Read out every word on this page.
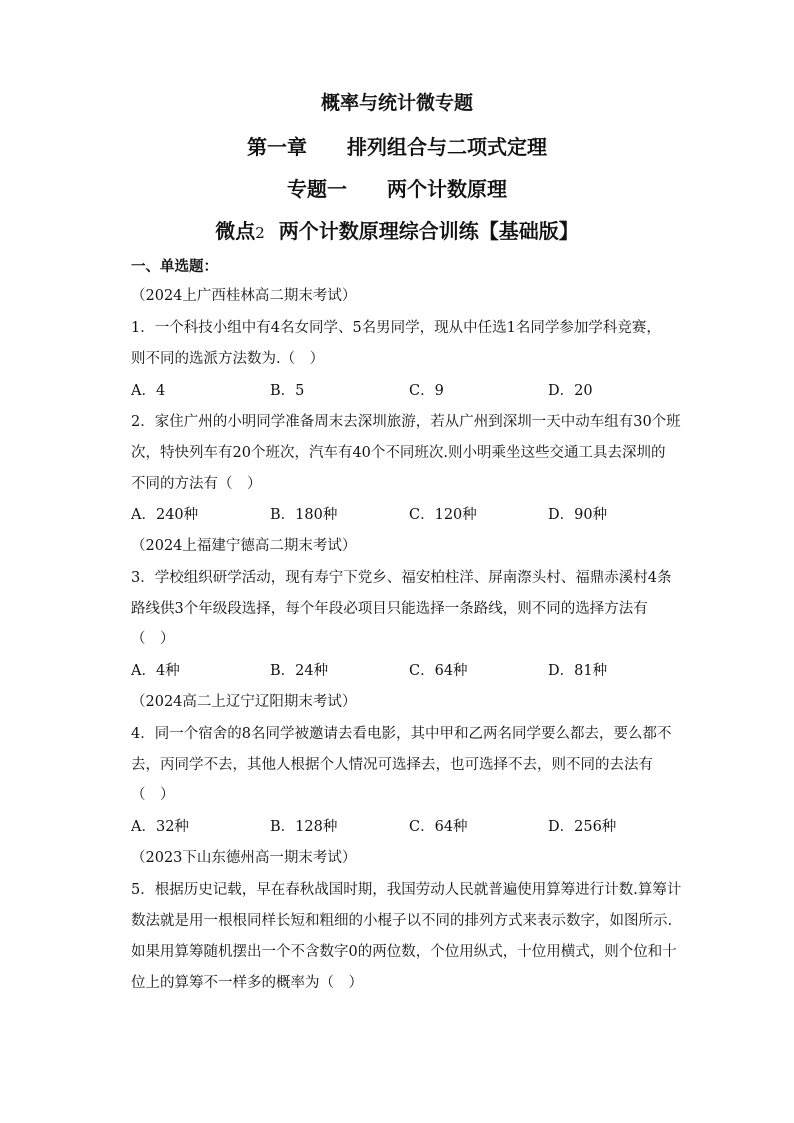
概率与统计微专题
第一章　　排列组合与二项式定理
专题一　　两个计数原理
微点2 两个计数原理综合训练【基础版】
一、单选题：
（2024上广西桂林高二期末考试）
1．一个科技小组中有4名女同学、5名男同学，现从中任选1名同学参加学科竞赛，
则不同的选派方法数为.（　）
A．4	B．5	C．9	D．20
2．家住广州的小明同学准备周末去深圳旅游，若从广州到深圳一天中动车组有30个班
次，特快列车有20个班次，汽车有40个不同班次.则小明乘坐这些交通工具去深圳的
不同的方法有（　）
A．240种	B．180种	C．120种	D．90种
（2024上福建宁德高二期末考试）
3．学校组织研学活动，现有寿宁下党乡、福安柏柱洋、屏南漈头村、福鼎赤溪村4条
路线供3个年级段选择，每个年段必项目只能选择一条路线，则不同的选择方法有
（　）
A．4种	B．24种	C．64种	D．81种
（2024高二上辽宁辽阳期末考试）
4．同一个宿舍的8名同学被邀请去看电影，其中甲和乙两名同学要么都去，要么都不
去，丙同学不去，其他人根据个人情况可选择去，也可选择不去，则不同的去法有
（　）
A．32种	B．128种	C．64种	D．256种
（2023下山东德州高一期末考试）
5．根据历史记载，早在春秋战国时期，我国劳动人民就普遍使用算筹进行计数.算筹计
数法就是用一根根同样长短和粗细的小棍子以不同的排列方式来表示数字，如图所示.
如果用算筹随机摆出一个不含数字0的两位数，个位用纵式，十位用横式，则个位和十
位上的算筹不一样多的概率为（　）
